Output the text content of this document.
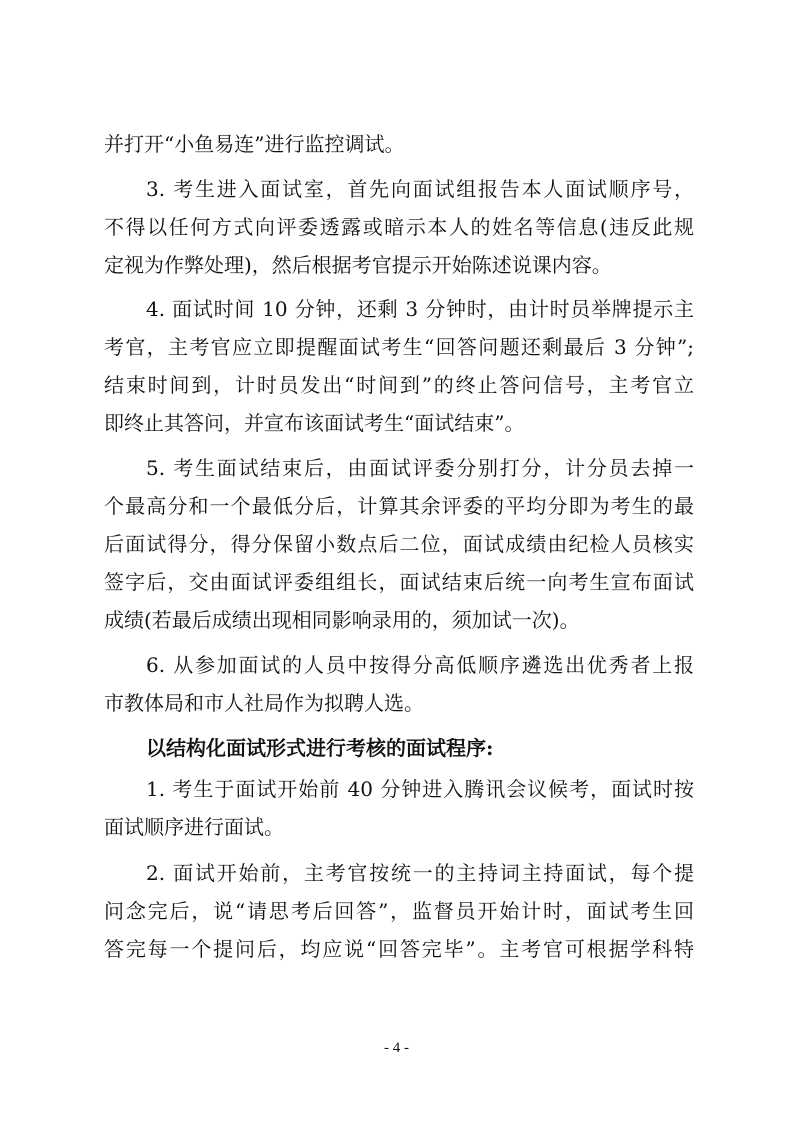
并打开“小鱼易连”进行监控调试。
3. 考生进入面试室，首先向面试组报告本人面试顺序号，
不得以任何方式向评委透露或暗示本人的姓名等信息(违反此规
定视为作弊处理)，然后根据考官提示开始陈述说课内容。
4. 面试时间 10 分钟，还剩 3 分钟时，由计时员举牌提示主
考官，主考官应立即提醒面试考生“回答问题还剩最后 3 分钟”;
结束时间到，计时员发出“时间到”的终止答问信号，主考官立
即终止其答问，并宣布该面试考生“面试结束”。
5. 考生面试结束后，由面试评委分别打分，计分员去掉一
个最高分和一个最低分后，计算其余评委的平均分即为考生的最
后面试得分，得分保留小数点后二位，面试成绩由纪检人员核实
签字后，交由面试评委组组长，面试结束后统一向考生宣布面试
成绩(若最后成绩出现相同影响录用的，须加试一次)。
6. 从参加面试的人员中按得分高低顺序遴选出优秀者上报
市教体局和市人社局作为拟聘人选。
以结构化面试形式进行考核的面试程序:
1. 考生于面试开始前 40 分钟进入腾讯会议候考，面试时按
面试顺序进行面试。
2. 面试开始前，主考官按统一的主持词主持面试，每个提
问念完后，说“请思考后回答”，监督员开始计时，面试考生回
答完每一个提问后，均应说“回答完毕”。主考官可根据学科特
- 4 -
